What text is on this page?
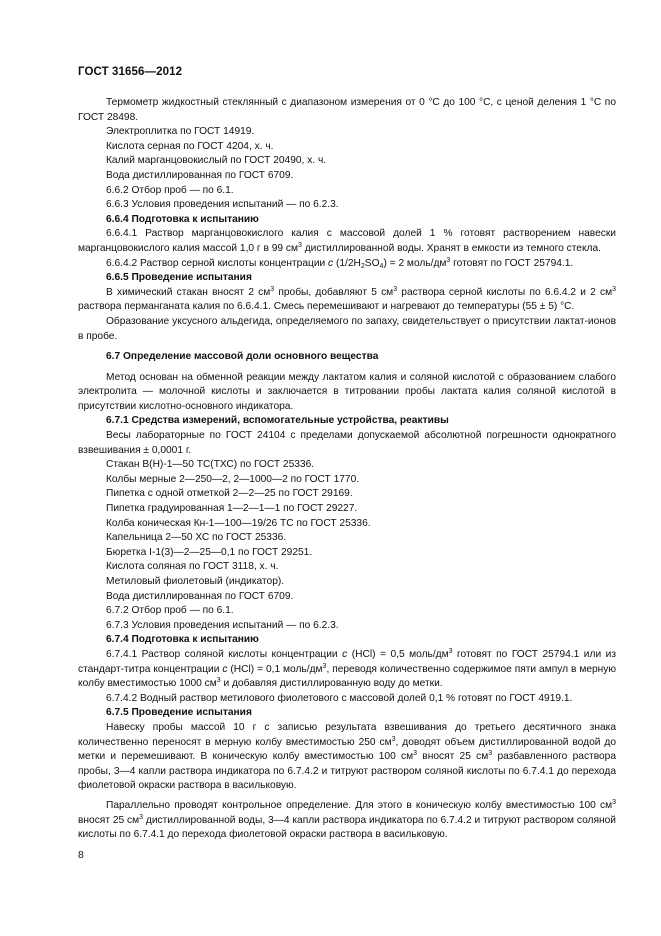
ГОСТ 31656—2012

Термометр жидкостный стеклянный с диапазоном измерения от 0 °С до 100 °С, с ценой деления 1 °С по ГОСТ 28498.

Электроплитка по ГОСТ 14919.

Кислота серная по ГОСТ 4204, х. ч.

Калий марганцовокислый по ГОСТ 20490, х. ч.

Вода дистиллированная по ГОСТ 6709.

6.6.2 Отбор проб — по 6.1.

6.6.3 Условия проведения испытаний — по 6.2.3.

6.6.4 Подготовка к испытанию

6.6.4.1 Раствор марганцовокислого калия с массовой долей 1 % готовят растворением навески марганцовокислого калия массой 1,0 г в 99 $см^3$ дистиллированной воды. Хранят в емкости из темного стекла.

6.6.4.2 Раствор серной кислоты концентрации c $(1/2H_2SO_4) = 2$ моль/$дм^3$ готовят по ГОСТ 25794.1.

6.6.5 Проведение испытания

В химический стакан вносят 2 $см^3$ пробы, добавляют 5 $см^3$ раствора серной кислоты по 6.6.4.2 и 2 $см^3$ раствора перманганата калия по 6.6.4.1. Смесь перемешивают и нагревают до температуры (55 ± 5) °С.

Образование уксусного альдегида, определяемого по запаху, свидетельствует о присутствии лактат-ионов в пробе.

6.7 Определение массовой доли основного вещества

Метод основан на обменной реакции между лактатом калия и соляной кислотой с образованием слабого электролита — молочной кислоты и заключается в титровании пробы лактата калия соляной кислотой в присутствии кислотно-основного индикатора.

6.7.1 Средства измерений, вспомогательные устройства, реактивы

Весы лабораторные по ГОСТ 24104 с пределами допускаемой абсолютной погрешности однократного взвешивания ± 0,0001 г.

Стакан В(Н)-1—50 ТС(ТХС) по ГОСТ 25336.

Колбы мерные 2—250—2, 2—1000—2 по ГОСТ 1770.

Пипетка с одной отметкой 2—2—25 по ГОСТ 29169.

Пипетка градуированная 1—2—1—1 по ГОСТ 29227.

Колба коническая Кн-1—100—19/26 ТС по ГОСТ 25336.

Капельница 2—50 ХС по ГОСТ 25336.

Бюретка I-1(3)—2—25—0,1 по ГОСТ 29251.

Кислота соляная по ГОСТ 3118, х. ч.

Метиловый фиолетовый (индикатор).

Вода дистиллированная по ГОСТ 6709.

6.7.2 Отбор проб — по 6.1.

6.7.3 Условия проведения испытаний — по 6.2.3.

6.7.4 Подготовка к испытанию

6.7.4.1 Раствор соляной кислоты концентрации c (HCl) = 0,5 моль/$дм^3$ готовят по ГОСТ 25794.1 или из стандарт-титра концентрации c (HCl) = 0,1 моль/$дм^3$, переводя количественно содержимое пяти ампул в мерную колбу вместимостью 1000 $см^3$ и добавляя дистиллированную воду до метки.

6.7.4.2 Водный раствор метилового фиолетового с массовой долей 0,1 % готовят по ГОСТ 4919.1.

6.7.5 Проведение испытания

Навеску пробы массой 10 г с записью результата взвешивания до третьего десятичного знака количественно переносят в мерную колбу вместимостью 250 $см^3$, доводят объем дистиллированной водой до метки и перемешивают. В коническую колбу вместимостью 100 $см^3$ вносят 25 $см^3$ разбавленного раствора пробы, 3—4 капли раствора индикатора по 6.7.4.2 и титруют раствором соляной кислоты по 6.7.4.1 до перехода фиолетовой окраски раствора в васильковую.

Параллельно проводят контрольное определение. Для этого в коническую колбу вместимостью 100 $см^3$ вносят 25 $см^3$ дистиллированной воды, 3—4 капли раствора индикатора по 6.7.4.2 и титруют раствором соляной кислоты по 6.7.4.1 до перехода фиолетовой окраски раствора в васильковую.

8
